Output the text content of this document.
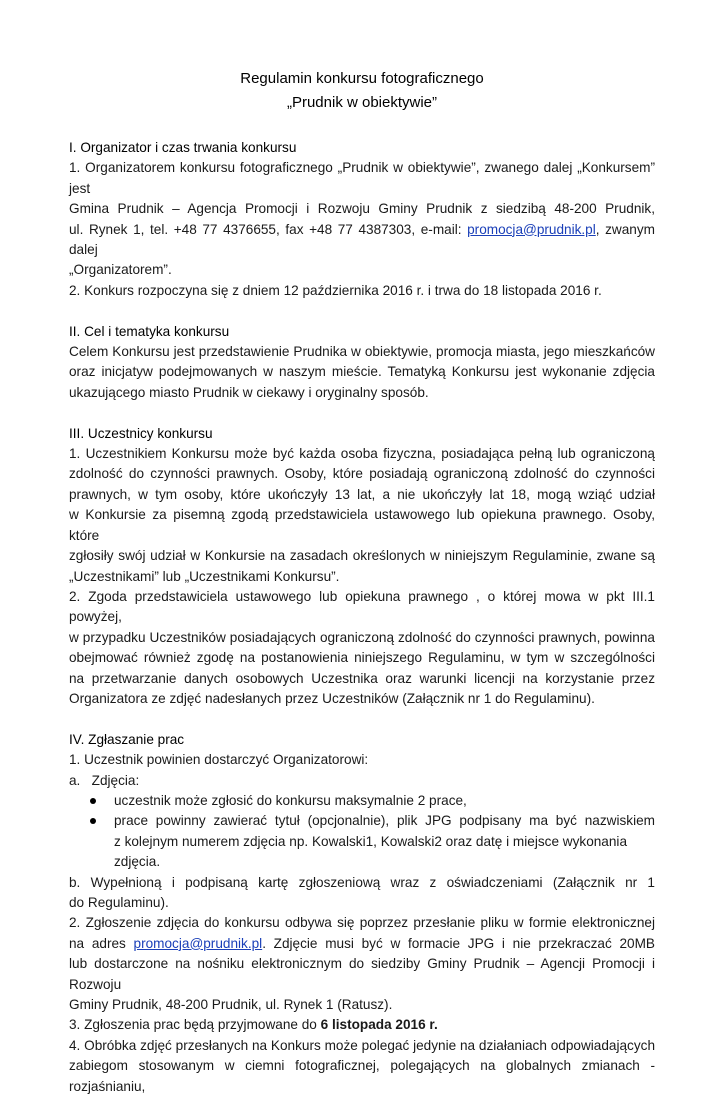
Regulamin konkursu fotograficznego
„Prudnik w obiektywie”
I. Organizator i czas trwania konkursu
1. Organizatorem konkursu fotograficznego „Prudnik w obiektywie”, zwanego dalej „Konkursem” jest
Gmina Prudnik – Agencja Promocji i Rozwoju Gminy Prudnik z siedzibą 48-200 Prudnik,
ul. Rynek 1, tel. +48 77 4376655, fax +48 77 4387303, e-mail: promocja@prudnik.pl, zwanym dalej
„Organizatorem”.
2. Konkurs rozpoczyna się z dniem 12 października 2016 r. i trwa do 18 listopada 2016 r.
II. Cel i tematyka konkursu
Celem Konkursu jest przedstawienie Prudnika w obiektywie, promocja miasta, jego mieszkańców
oraz inicjatyw podejmowanych w naszym mieście. Tematyką Konkursu jest wykonanie zdjęcia
ukazującego miasto Prudnik w ciekawy i oryginalny sposób.
III. Uczestnicy konkursu
1. Uczestnikiem Konkursu może być każda osoba fizyczna, posiadająca pełną lub ograniczoną
zdolność do czynności prawnych. Osoby, które posiadają ograniczoną zdolność do czynności
prawnych, w tym osoby, które ukończyły 13 lat, a nie ukończyły lat 18, mogą wziąć udział
w Konkursie za pisemną zgodą przedstawiciela ustawowego lub opiekuna prawnego. Osoby, które
zgłosiły swój udział w Konkursie na zasadach określonych w niniejszym Regulaminie, zwane są
„Uczestnikami” lub „Uczestnikami Konkursu”.
2. Zgoda przedstawiciela ustawowego lub opiekuna prawnego , o której mowa w pkt III.1 powyżej,
w przypadku Uczestników posiadających ograniczoną zdolność do czynności prawnych, powinna
obejmować również zgodę na postanowienia niniejszego Regulaminu, w tym w szczególności
na przetwarzanie danych osobowych Uczestnika oraz warunki licencji na korzystanie przez
Organizatora ze zdjęć nadesłanych przez Uczestników (Załącznik nr 1 do Regulaminu).
IV. Zgłaszanie prac
1. Uczestnik powinien dostarczyć Organizatorowi:
a.   Zdjęcia:
uczestnik może zgłosić do konkursu maksymalnie 2 prace,
prace powinny zawierać tytuł (opcjonalnie), plik JPG podpisany ma być nazwiskiem
z kolejnym numerem zdjęcia np. Kowalski1, Kowalski2 oraz datę i miejsce wykonania zdjęcia.
b. Wypełnioną i podpisaną kartę zgłoszeniową wraz z oświadczeniami (Załącznik nr 1
do Regulaminu).
2. Zgłoszenie zdjęcia do konkursu odbywa się poprzez przesłanie pliku w formie elektronicznej
na adres promocja@prudnik.pl. Zdjęcie musi być w formacie JPG i nie przekraczać 20MB
lub dostarczone na nośniku elektronicznym do siedziby Gminy Prudnik – Agencji Promocji i Rozwoju
Gminy Prudnik, 48-200 Prudnik, ul. Rynek 1 (Ratusz).
3. Zgłoszenia prac będą przyjmowane do 6 listopada 2016 r.
4. Obróbka zdjęć przesłanych na Konkurs może polegać jedynie na działaniach odpowiadających
zabiegom stosowanym w ciemni fotograficznej, polegających na globalnych zmianach - rozjaśnianiu,
